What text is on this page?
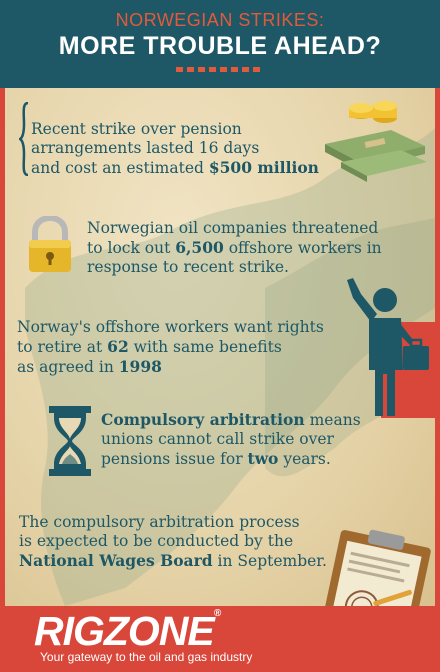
NORWEGIAN STRIKES:
MORE TROUBLE AHEAD?
Recent strike over pension
arrangements lasted 16 days
and cost an estimated $500 million
Norwegian oil companies threatened
to lock out 6,500 offshore workers in
response to recent strike.
Norway's offshore workers want rights
to retire at 62 with same benefits
as agreed in 1998
Compulsory arbitration means
unions cannot call strike over
pensions issue for two years.
The compulsory arbitration process
is expected to be conducted by the
National Wages Board in September.
RIGZONE®
Your gateway to the oil and gas industry
